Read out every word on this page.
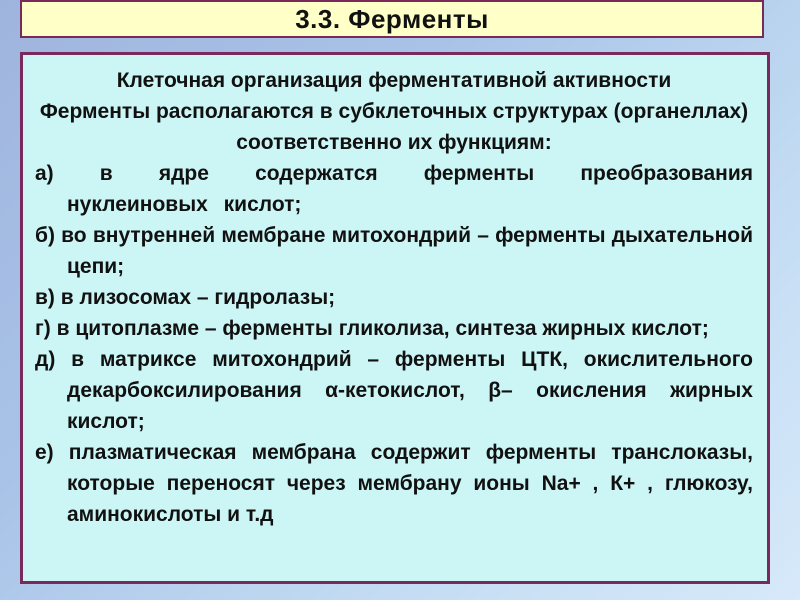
3.3. Ферменты

Клеточная организация ферментативной активности

Ферменты располагаются в субклеточных структурах (органеллах) соответственно их функциям:

а) в ядре содержатся ферменты преобразования нуклеиновых кислот;

б) во внутренней мембране митохондрий – ферменты дыхательной цепи;

в) в лизосомах – гидролазы;

г) в цитоплазме – ферменты гликолиза, синтеза жирных кислот;

д) в матриксе митохондрий – ферменты ЦТК, окислительного декарбоксилирования α-кетокислот, β– окисления жирных кислот;

е) плазматическая мембрана содержит ферменты транслоказы, которые переносят через мембрану ионы Na+ , К+ , глюкозу, аминокислоты и т.д
